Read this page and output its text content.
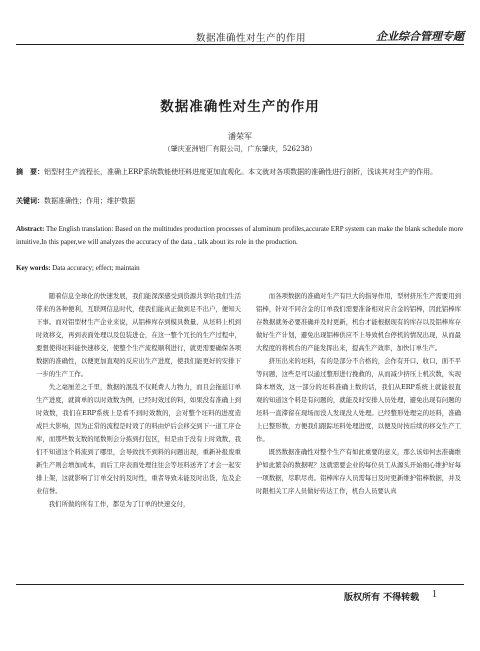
数据准确性对生产的作用	企业综合管理专题
数据准确性对生产的作用
潘荣军
（肇庆亚洲铝厂有限公司，广东肇庆，526238）
摘　要：铝型材生产流程长，准确上ERP系统数能使坯料进度更加直观化。本文就对各项数据的准确性进行剖析，浅谈其对生产的作用。
关键词：数据准确性；作用；维护数据
Abstract: The English translation: Based on the multitudes production processes of aluminum profiles,accurate ERP system can make the blank schedule more intuitive,In this paper,we will analyzes the accuracy of the data , talk about its role in the production.
Key words: Data accuracy; effect; maintain

随着信息全球化的快速发展，我们能深深感受到资源共享给我们生活带来的各种便利，互联网信息时代，使我们能真正做到足不出户，便知天下事。而对铝型材生产企业来说，从铝棒库存到模具数量，从坯料上机到时效移交，再到表面处理以及包装进仓，在这一整个冗长的生产过程中，要想使得坯料能快速移交，使整个生产流程顺利进行，就更需要确保各项数据的准确性，以便更加直观的反应出生产进度，使我们能更好的安排下一步的生产工作。

失之毫厘差之千里，数据的混乱不仅耗费人力物力，而且会拖延订单生产进度，就简单的以时效数为例，已经时效过的料，如果没有准确上到时效数，我们在ERP系统上是看不到时效数的，会对整个坯料的进度造成巨大影响，因为正常的流程是时效了的料由炉后会移交到下一道工序仓库，而那些数支数的尾数则会分拣到打包区，但是由于没有上时效数，我们不知道这个料流到了哪里，会导致找不到料的问题出现，重新补报废重新生产则会增加成本，而后工序表面处理往往会等坯料送齐了才会一起安排上架，这就影响了订单交付的及时性，重者导致未能及时出货，危及企业信誉。

我们所做的所有工作，都是为了订单的快速交付，

而各项数据的准确对生产有巨大的指导作用，型材挤压生产需要用到铝棒，针对不同合金的订单我们需要准备相对应合金的铝棒，因此铝棒库存数据就务必要准确并及时更新，机台才能根据现有的库存以及铝棒库存做好生产计划，避免出现铝棒供应不上导致机台停机的情况出现，从而最大程度的将机台的产能发挥出来，提高生产效率，加快订单生产。

挤压出来的坯料，有的是部分不合格的，会作有开口、收口，面不平等问题，这些是可以通过整形进行挽救的，从而减少挤压上机次数，实现降本增效，这一部分的坯料准确上数的话，我们从ERP系统上就能很直观的知道这个料是有问题的，就能及时安排人员处理，避免出现有问题的坯料一直滞留在现场而没人发现没人处理。已经整形处理完的坯料，准确上已整形数，方便我们跟踪坯料处理进度，以便及时按后续的移交生产工作。

既然数据准确性对整个生产有如此重要的意义，那么该如何去准确维护如此繁杂的数据呢？这就需要企业的每位员工从源头开始细心维护好每一项数据，尽职尽责。铝棒库存人员需每日及时更新维护铝棒数据，并及时跟相关工序人员做好传达工作，机台人员要认真

版权所有 不得转载 1
